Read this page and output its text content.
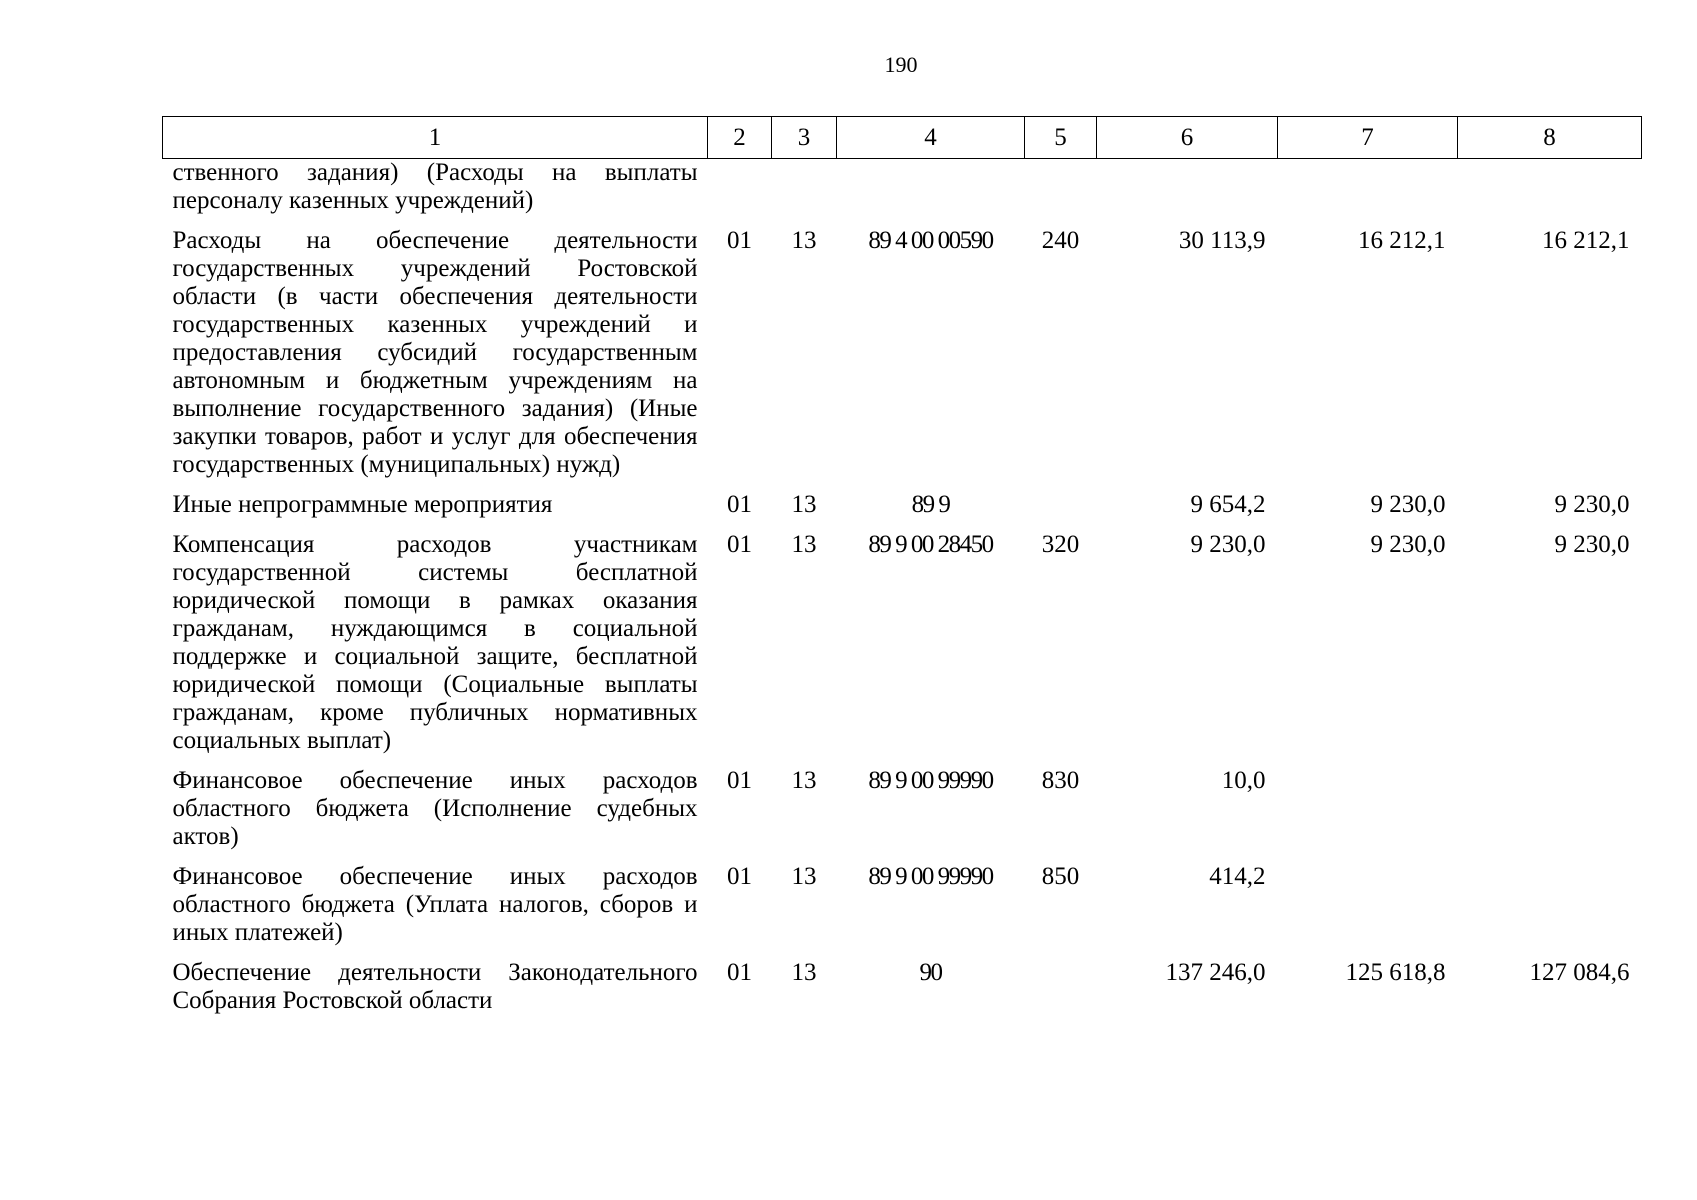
190
1	2	3	4	5	6	7	8
ственного задания) (Расходы на выплаты персоналу казенных учреждений)							
Расходы на обеспечение деятельности государственных учреждений Ростовской области (в части обеспечения деятельности государственных казенных учреждений и предоставления субсидий государственным автономным и бюджетным учреждениям на выполнение государственного задания) (Иные закупки товаров, работ и услуг для обеспечения государственных (муниципальных) нужд)	01	13	89 4 00 00590	240	30 113,9	16 212,1	16 212,1
Иные непрограммные мероприятия	01	13	89 9		9 654,2	9 230,0	9 230,0
Компенсация расходов участникам государственной системы бесплатной юридической помощи в рамках оказания гражданам, нуждающимся в социальной поддержке и социальной защите, бесплатной юридической помощи (Социальные выплаты гражданам, кроме публичных нормативных социальных выплат)	01	13	89 9 00 28450	320	9 230,0	9 230,0	9 230,0
Финансовое обеспечение иных расходов областного бюджета (Исполнение судебных актов)	01	13	89 9 00 99990	830	10,0		
Финансовое обеспечение иных расходов областного бюджета (Уплата налогов, сборов и иных платежей)	01	13	89 9 00 99990	850	414,2		
Обеспечение деятельности Законодательного Собрания Ростовской области	01	13	90		137 246,0	125 618,8	127 084,6
